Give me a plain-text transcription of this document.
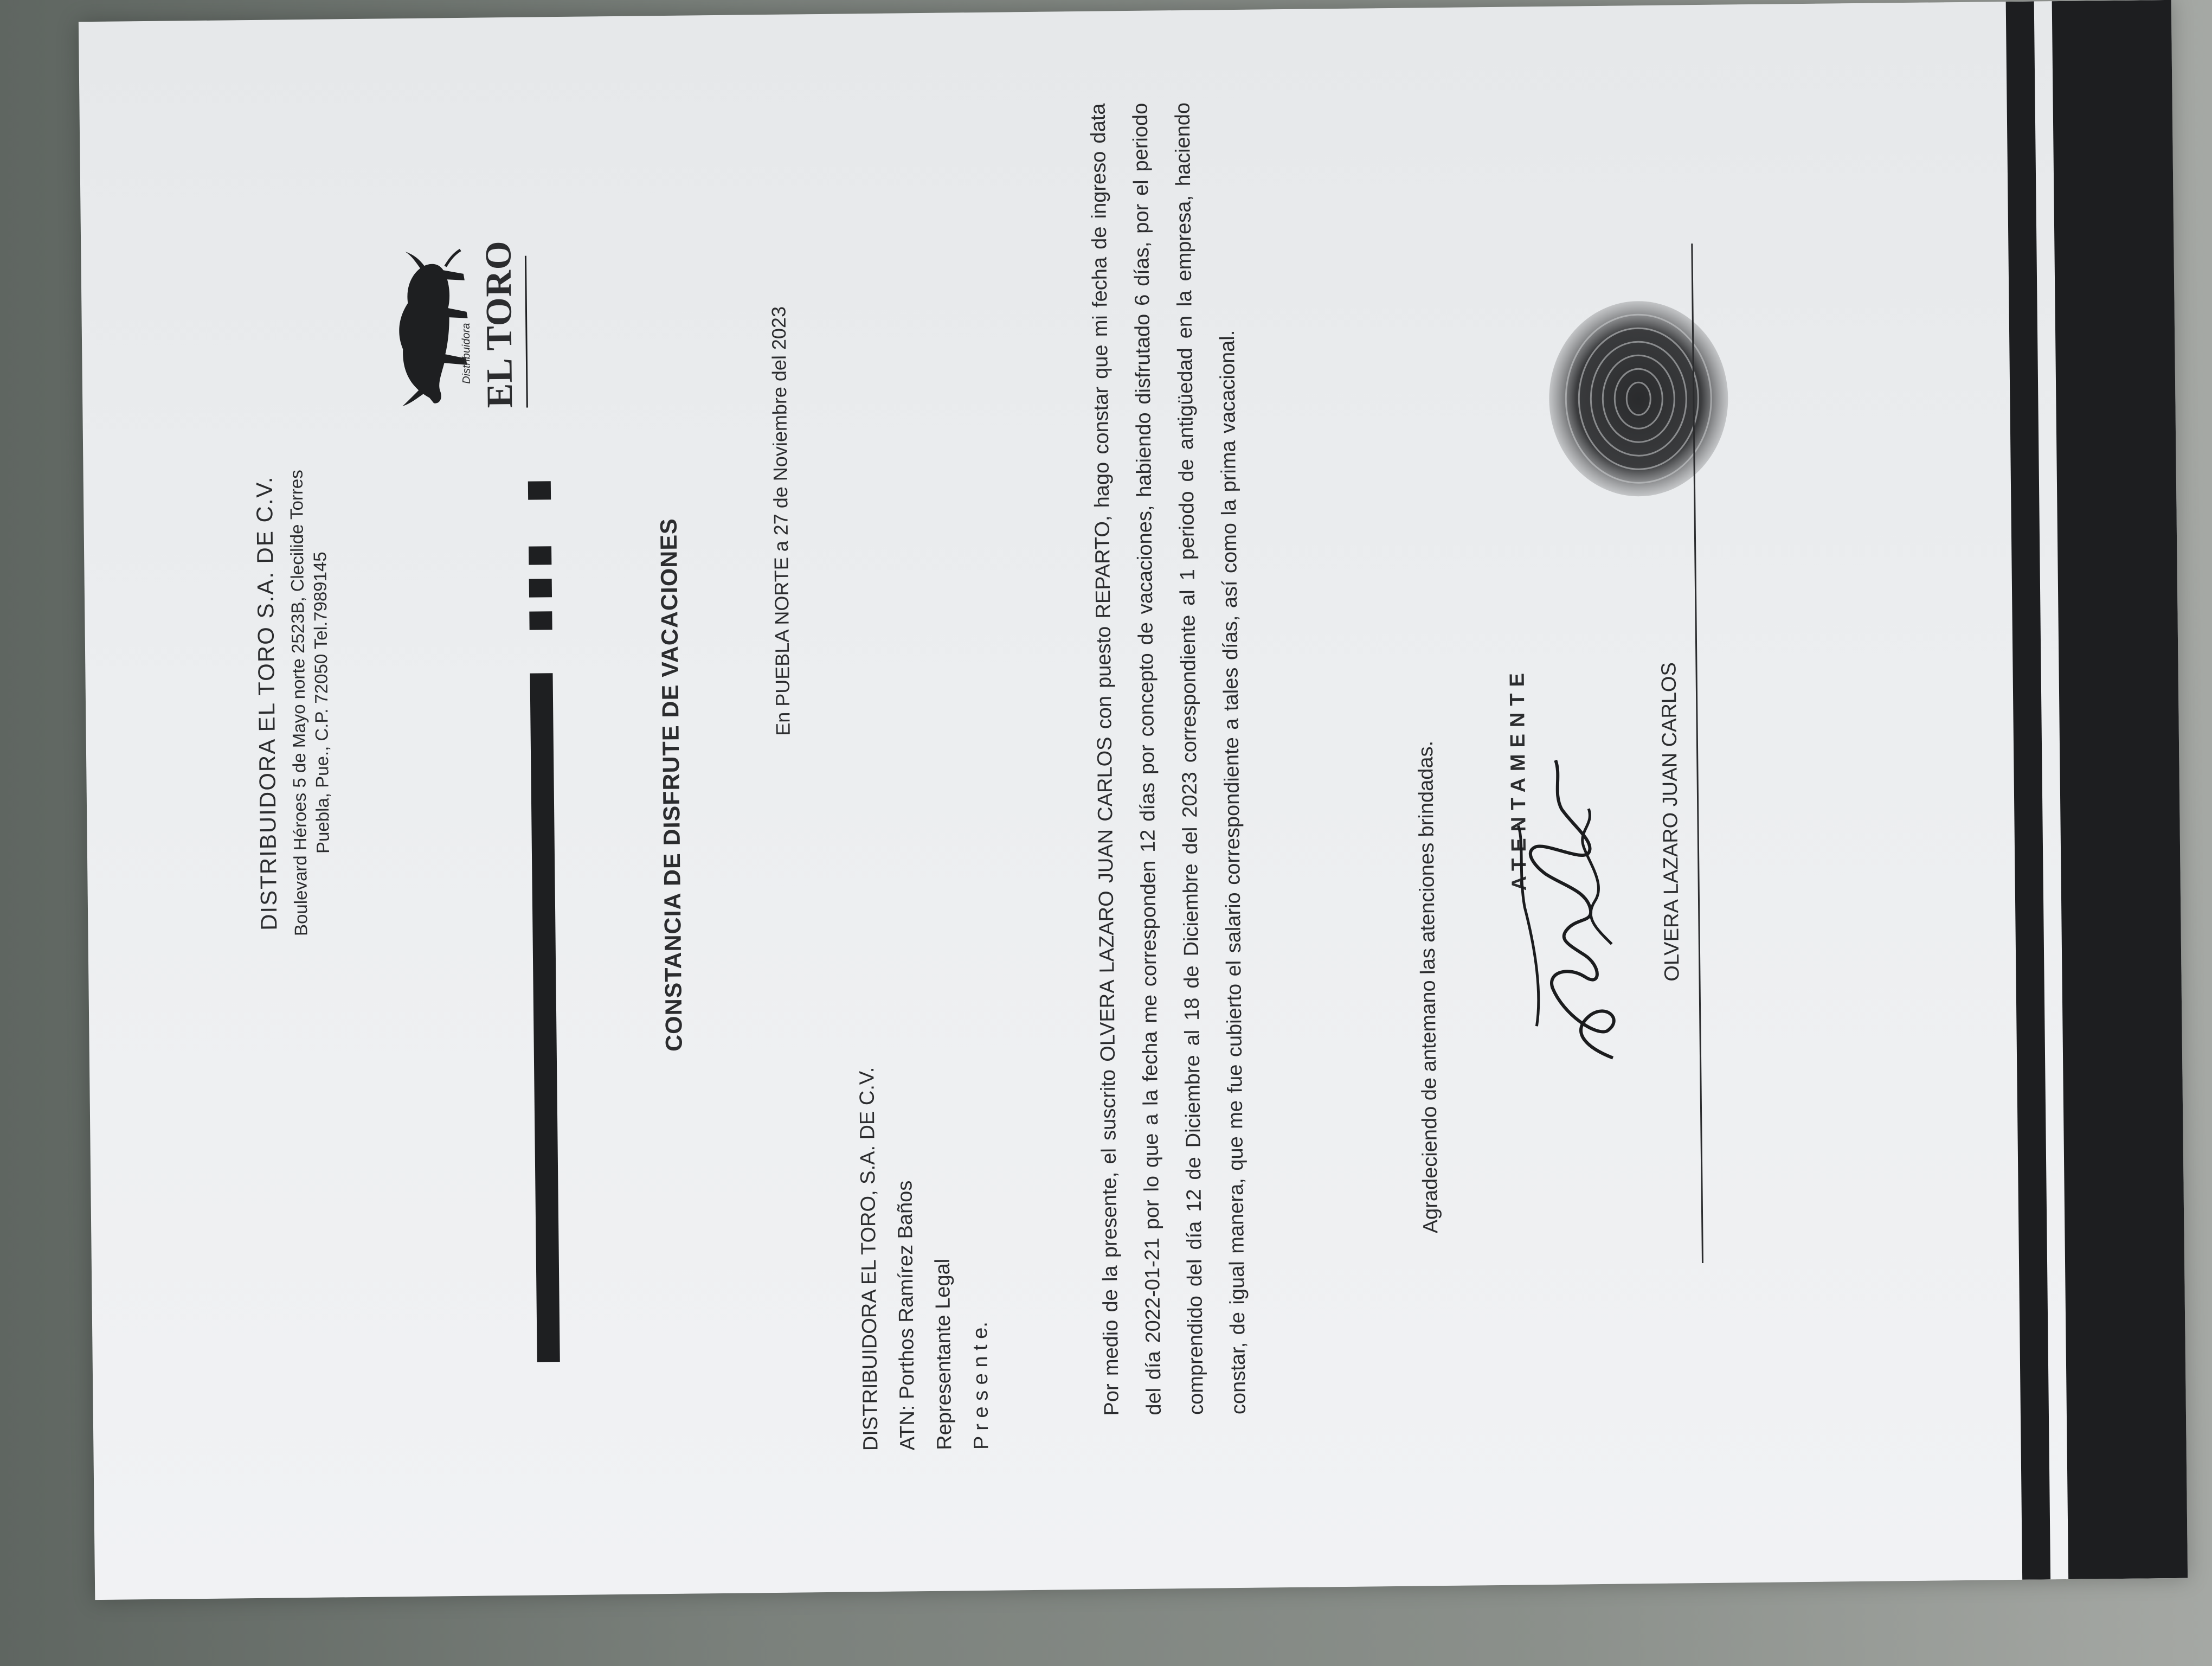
DISTRIBUIDORA EL TORO S.A. DE C.V. Boulevard Héroes 5 de Mayo norte 2523B, Clecilide Torres
Puebla, Pue., C.P. 72050 Tel.7989145
Distribuidora EL TORO
CONSTANCIA DE DISFRUTE DE VACACIONES	En PUEBLA NORTE a 27 de Noviembre del 2023
DISTRIBUIDORA EL TORO, S.A. DE C.V. ATN: Porthos Ramírez Baños Representante Legal P r e s e n t e.	Por medio de la presente, el suscrito OLVERA LAZARO JUAN CARLOS con puesto REPARTO, hago constar que mi fecha de ingreso data del día 2022-01-21 por lo que a la fecha me corresponden 12 días por concepto de vacaciones, habiendo disfrutado 6 días, por el periodo comprendido del día 12 de Diciembre al 18 de Diciembre del 2023 correspondiente al 1 periodo de antigüedad en la empresa, haciendo constar, de igual manera, que me fue cubierto el salario correspondiente a tales días, así como la prima vacacional.	Agradeciendo de antemano las atenciones brindadas.	ATENTAMENTE	OLVERA LAZARO JUAN CARLOS
